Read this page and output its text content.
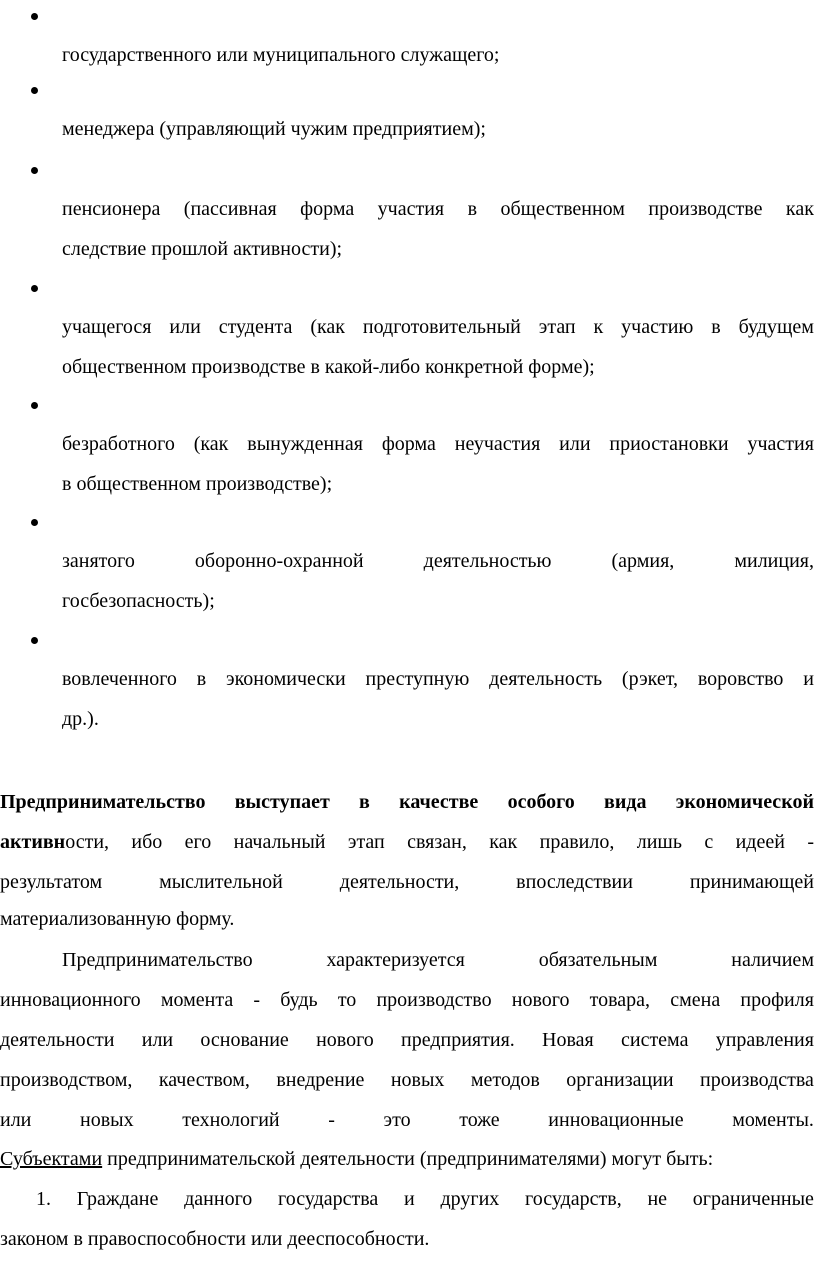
государственного или муниципального служащего;
менеджера (управляющий чужим предприятием);
пенсионера (пассивная форма участия в общественном производстве как
следствие прошлой активности);
учащегося или студента (как подготовительный этап к участию в будущем
общественном производстве в какой-либо конкретной форме);
безработного (как вынужденная форма неучастия или приостановки участия
в общественном производстве);
занятого	оборонно-охранной	деятельностью	(армия,	милиция,
госбезопасность);
вовлеченного в экономически преступную деятельность (рэкет, воровство и
др.).
Предпринимательство выступает в качестве особого вида экономической
активности, ибо его начальный этап связан, как правило, лишь с идеей -
результатом	мыслительной	деятельности,	впоследствии	принимающей
материализованную форму.
Предпринимательство	характеризуется	обязательным	наличием
инновационного момента - будь то производство нового товара, смена профиля
деятельности или основание нового предприятия. Новая система управления
производством, качеством, внедрение новых методов организации производства
или новых технологий - это тоже инновационные моменты.
Субъектами предпринимательской деятельности (предпринимателями) могут быть:
1. Граждане данного государства и других государств, не ограниченные
законом в правоспособности или дееспособности.
